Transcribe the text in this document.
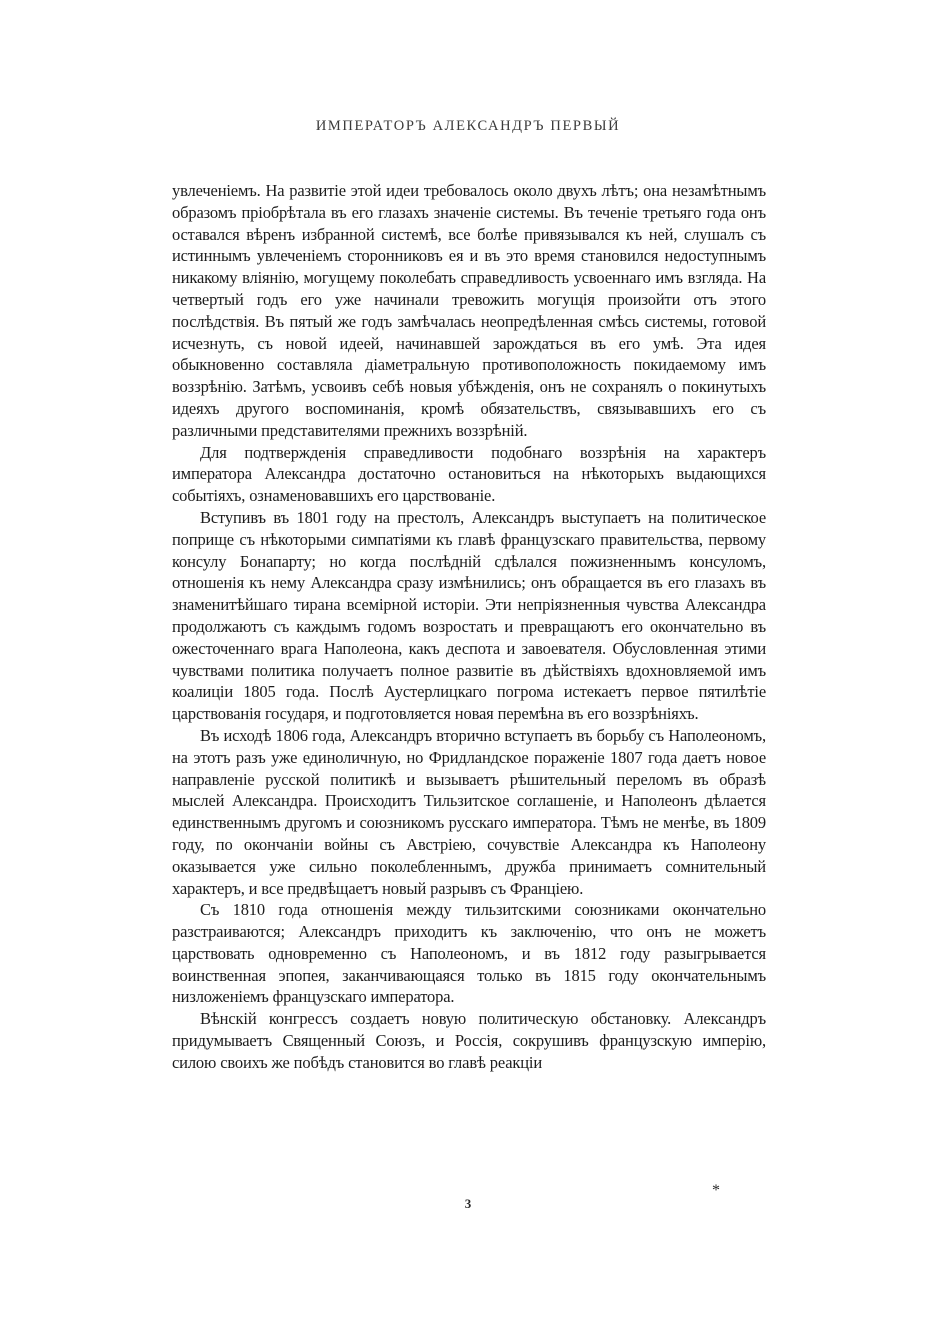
ИМПЕРАТОРЪ АЛЕКСАНДРЪ ПЕРВЫЙ

увлеченіемъ. На развитіе этой идеи требовалось около двухъ лѣтъ; она незамѣтнымъ образомъ пріобрѣтала въ его глазахъ значеніе системы. Въ теченіе третьяго года онъ оставался вѣренъ избранной системѣ, все болѣе привязывался къ ней, слушалъ съ истиннымъ увлеченіемъ сторонниковъ ея и въ это время становился недоступнымъ никакому вліянію, могущему поколебать справедливость усвоеннаго имъ взгляда. На четвертый годъ его уже начинали тревожить могущія произойти отъ этого послѣдствія. Въ пятый же годъ замѣчалась неопредѣленная смѣсь системы, готовой исчезнуть, съ новой идеей, начинавшей зарождаться въ его умѣ. Эта идея обыкновенно составляла діаметральную противоположность покидаемому имъ воззрѣнію. Затѣмъ, усвоивъ себѣ новыя убѣжденія, онъ не сохранялъ о покинутыхъ идеяхъ другого воспоминанія, кромѣ обязательствъ, связывавшихъ его съ различными представителями прежнихъ воззрѣній.

Для подтвержденія справедливости подобнаго воззрѣнія на характеръ императора Александра достаточно остановиться на нѣкоторыхъ выдающихся событіяхъ, ознаменовавшихъ его царствованіе.

Вступивъ въ 1801 году на престолъ, Александръ выступаетъ на политическое поприще съ нѣкоторыми симпатіями къ главѣ французскаго правительства, первому консулу Бонапарту; но когда послѣдній сдѣлался пожизненнымъ консуломъ, отношенія къ нему Александра сразу измѣнились; онъ обращается въ его глазахъ въ знаменитѣйшаго тирана всемірной исторіи. Эти непріязненныя чувства Александра продолжаютъ съ каждымъ годомъ возростать и превращаютъ его окончательно въ ожесточеннаго врага Наполеона, какъ деспота и завоевателя. Обусловленная этими чувствами политика получаетъ полное развитіе въ дѣйствіяхъ вдохновляемой имъ коалиціи 1805 года. Послѣ Аустерлицкаго погрома истекаетъ первое пятилѣтіе царствованія государя, и подготовляется новая перемѣна въ его воззрѣніяхъ.

Въ исходѣ 1806 года, Александръ вторично вступаетъ въ борьбу съ Наполеономъ, на этотъ разъ уже единоличную, но Фридландское пораженіе 1807 года даетъ новое направленіе русской политикѣ и вызываетъ рѣшительный переломъ въ образѣ мыслей Александра. Происходитъ Тильзитское соглашеніе, и Наполеонъ дѣлается единственнымъ другомъ и союзникомъ русскаго императора. Тѣмъ не менѣе, въ 1809 году, по окончаніи войны съ Австріею, сочувствіе Александра къ Наполеону оказывается уже сильно поколебленнымъ, дружба принимаетъ сомнительный характеръ, и все предвѣщаетъ новый разрывъ съ Франціею.

Съ 1810 года отношенія между тильзитскими союзниками окончательно разстраиваются; Александръ приходитъ къ заключенію, что онъ не можетъ царствовать одновременно съ Наполеономъ, и въ 1812 году разыгрывается воинственная эпопея, заканчивающаяся только въ 1815 году окончательнымъ низложеніемъ французскаго императора.

Вѣнскій конгрессъ создаетъ новую политическую обстановку. Александръ придумываетъ Священный Союзъ, и Россія, сокрушивъ французскую имперію, силою своихъ же побѣдъ становится во главѣ реакціи

3
*
